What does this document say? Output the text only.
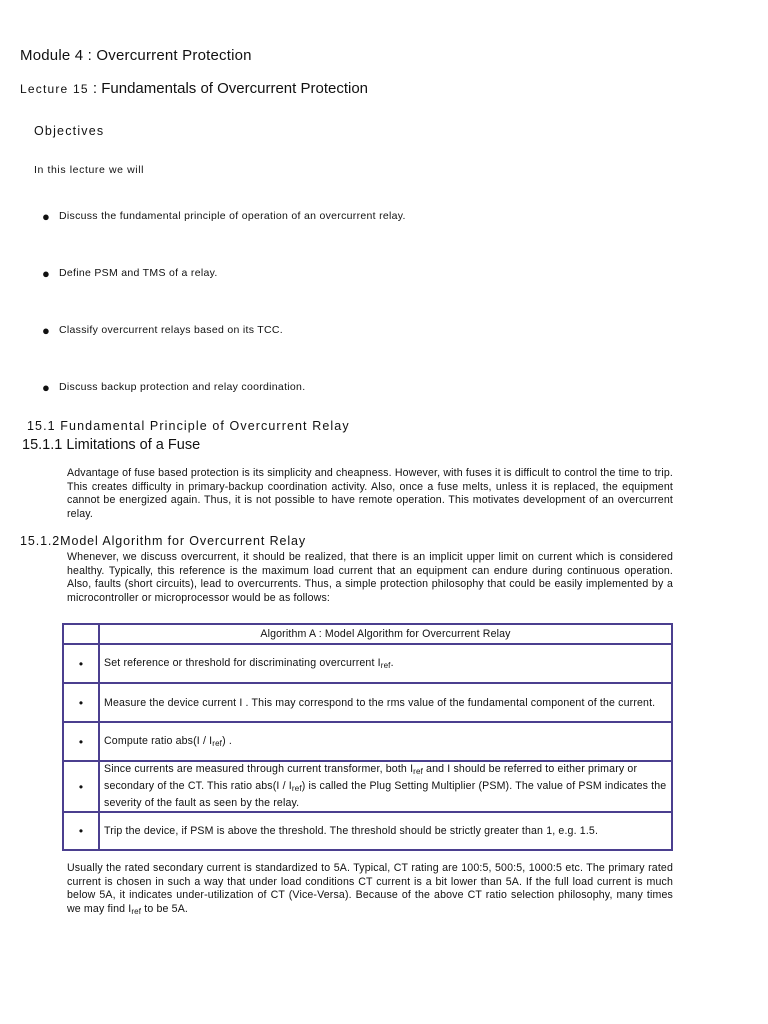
Module 4 : Overcurrent Protection
Lecture 15 : Fundamentals of Overcurrent Protection
Objectives
In this lecture we will
● Discuss the fundamental principle of operation of an overcurrent relay.
● Define PSM and TMS of a relay.
● Classify overcurrent relays based on its TCC.
● Discuss backup protection and relay coordination.
15.1 Fundamental Principle of Overcurrent Relay
15.1.1 Limitations of a Fuse
Advantage of fuse based protection is its simplicity and cheapness. However, with fuses it is difficult to control the time to trip. This creates difficulty in primary-backup coordination activity. Also, once a fuse melts, unless it is replaced, the equipment cannot be energized again. Thus, it is not possible to have remote operation. This motivates development of an overcurrent relay.
15.1.2Model Algorithm for Overcurrent Relay
Whenever, we discuss overcurrent, it should be realized, that there is an implicit upper limit on current which is considered healthy. Typically, this reference is the maximum load current that an equipment can endure during continuous operation. Also, faults (short circuits), lead to overcurrents. Thus, a simple protection philosophy that could be easily implemented by a microcontroller or microprocessor would be as follows:
	Algorithm A : Model Algorithm for Overcurrent Relay
•	Set reference or threshold for discriminating overcurrent $I_{ref}$.
•	Measure the device current I . This may correspond to the rms value of the fundamental component of the current.
•	Compute ratio $abs(I / I_{ref})$ .
•	Since currents are measured through current transformer, both $I_{ref}$ and I should be referred to either primary or secondary of the CT. This ratio $abs(I / I_{ref})$ is called the Plug Setting Multiplier (PSM). The value of PSM indicates the severity of the fault as seen by the relay.
•	Trip the device, if PSM is above the threshold. The threshold should be strictly greater than 1, e.g. 1.5.
Usually the rated secondary current is standardized to 5A. Typical, CT rating are 100:5, 500:5, 1000:5 etc. The primary rated current is chosen in such a way that under load conditions CT current is a bit lower than 5A. If the full load current is much below 5A, it indicates under-utilization of CT (Vice-Versa). Because of the above CT ratio selection philosophy, many times we may find $I_{ref}$ to be 5A.
